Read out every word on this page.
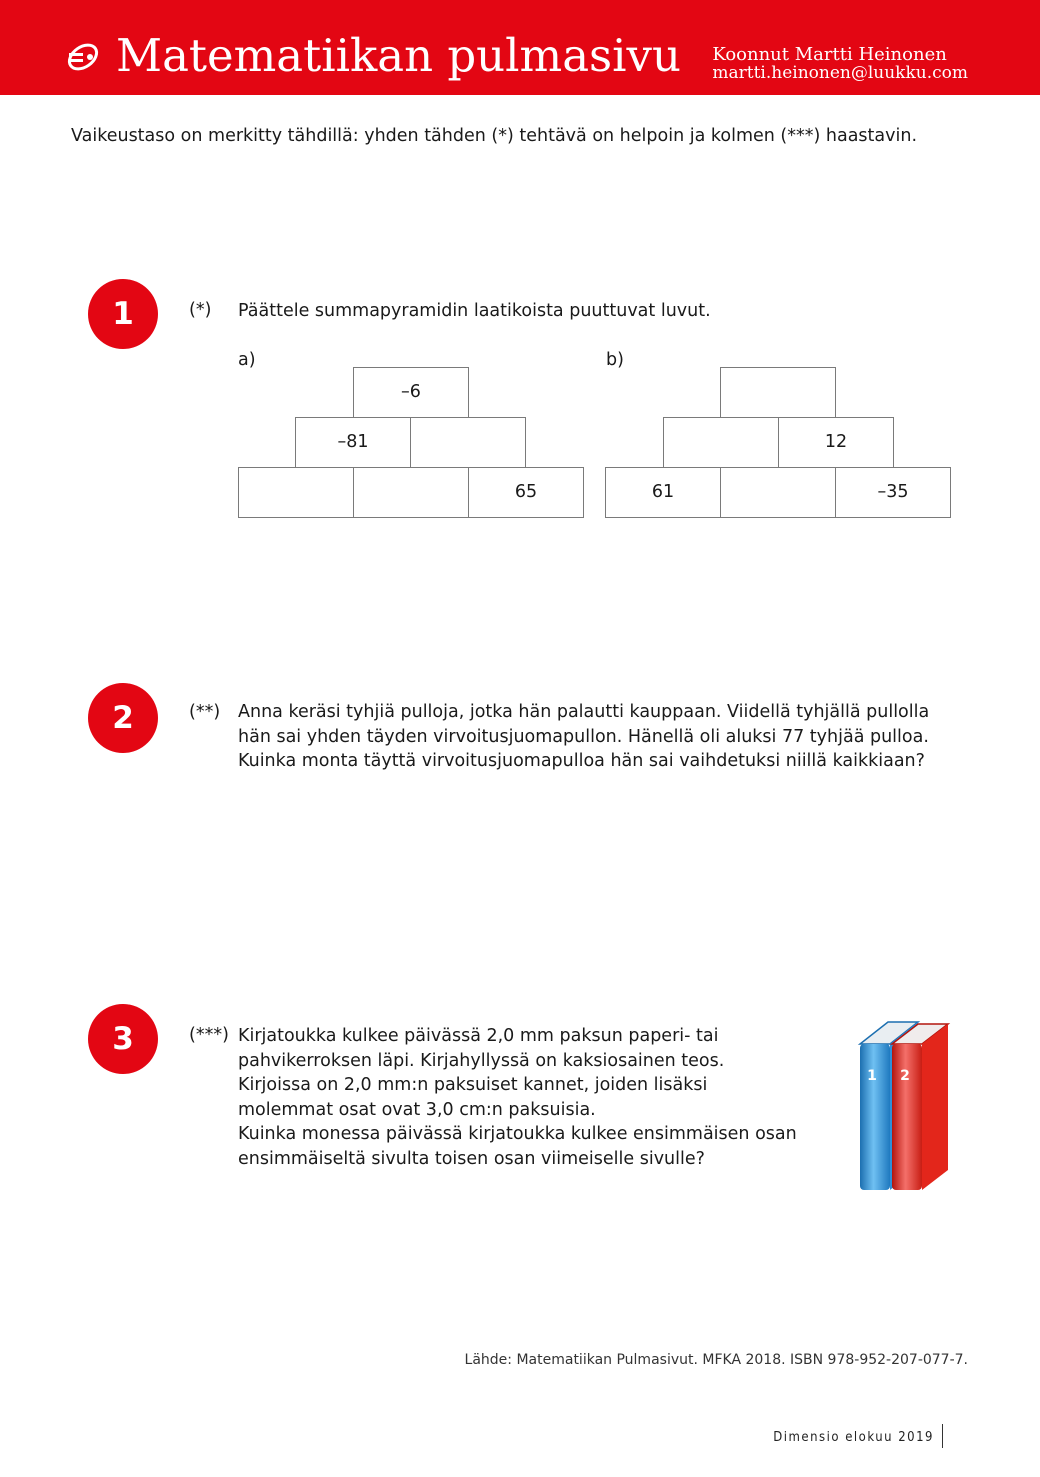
Matematiikan pulmasivu Koonnut Martti Heinonen
martti.heinonen@luukku.com
Vaikeustaso on merkitty tähdillä: yhden tähden (*) tehtävä on helpoin ja kolmen (***) haastavin.
1	(*) Päättele summapyramidin laatikoista puuttuvat luvut.
a)
–6
–81
65
b)
12
61	–35
2	(**) Anna keräsi tyhjiä pulloja, jotka hän palautti kauppaan. Viidellä tyhjällä pullolla
hän sai yhden täyden virvoitusjuomapullon. Hänellä oli aluksi 77 tyhjää pulloa.
Kuinka monta täyttä virvoitusjuomapulloa hän sai vaihdetuksi niillä kaikkiaan?
3	(***) Kirjatoukka kulkee päivässä 2,0 mm paksun paperi- tai
pahvikerroksen läpi. Kirjahyllyssä on kaksiosainen teos.
Kirjoissa on 2,0 mm:n paksuiset kannet, joiden lisäksi
molemmat osat ovat 3,0 cm:n paksuisia.
Kuinka monessa päivässä kirjatoukka kulkee ensimmäisen osan
ensimmäiseltä sivulta toisen osan viimeiselle sivulle?
1 2
Lähde: Matematiikan Pulmasivut. MFKA 2018. ISBN 978-952-207-077-7.
Dimensio elokuu 2019
